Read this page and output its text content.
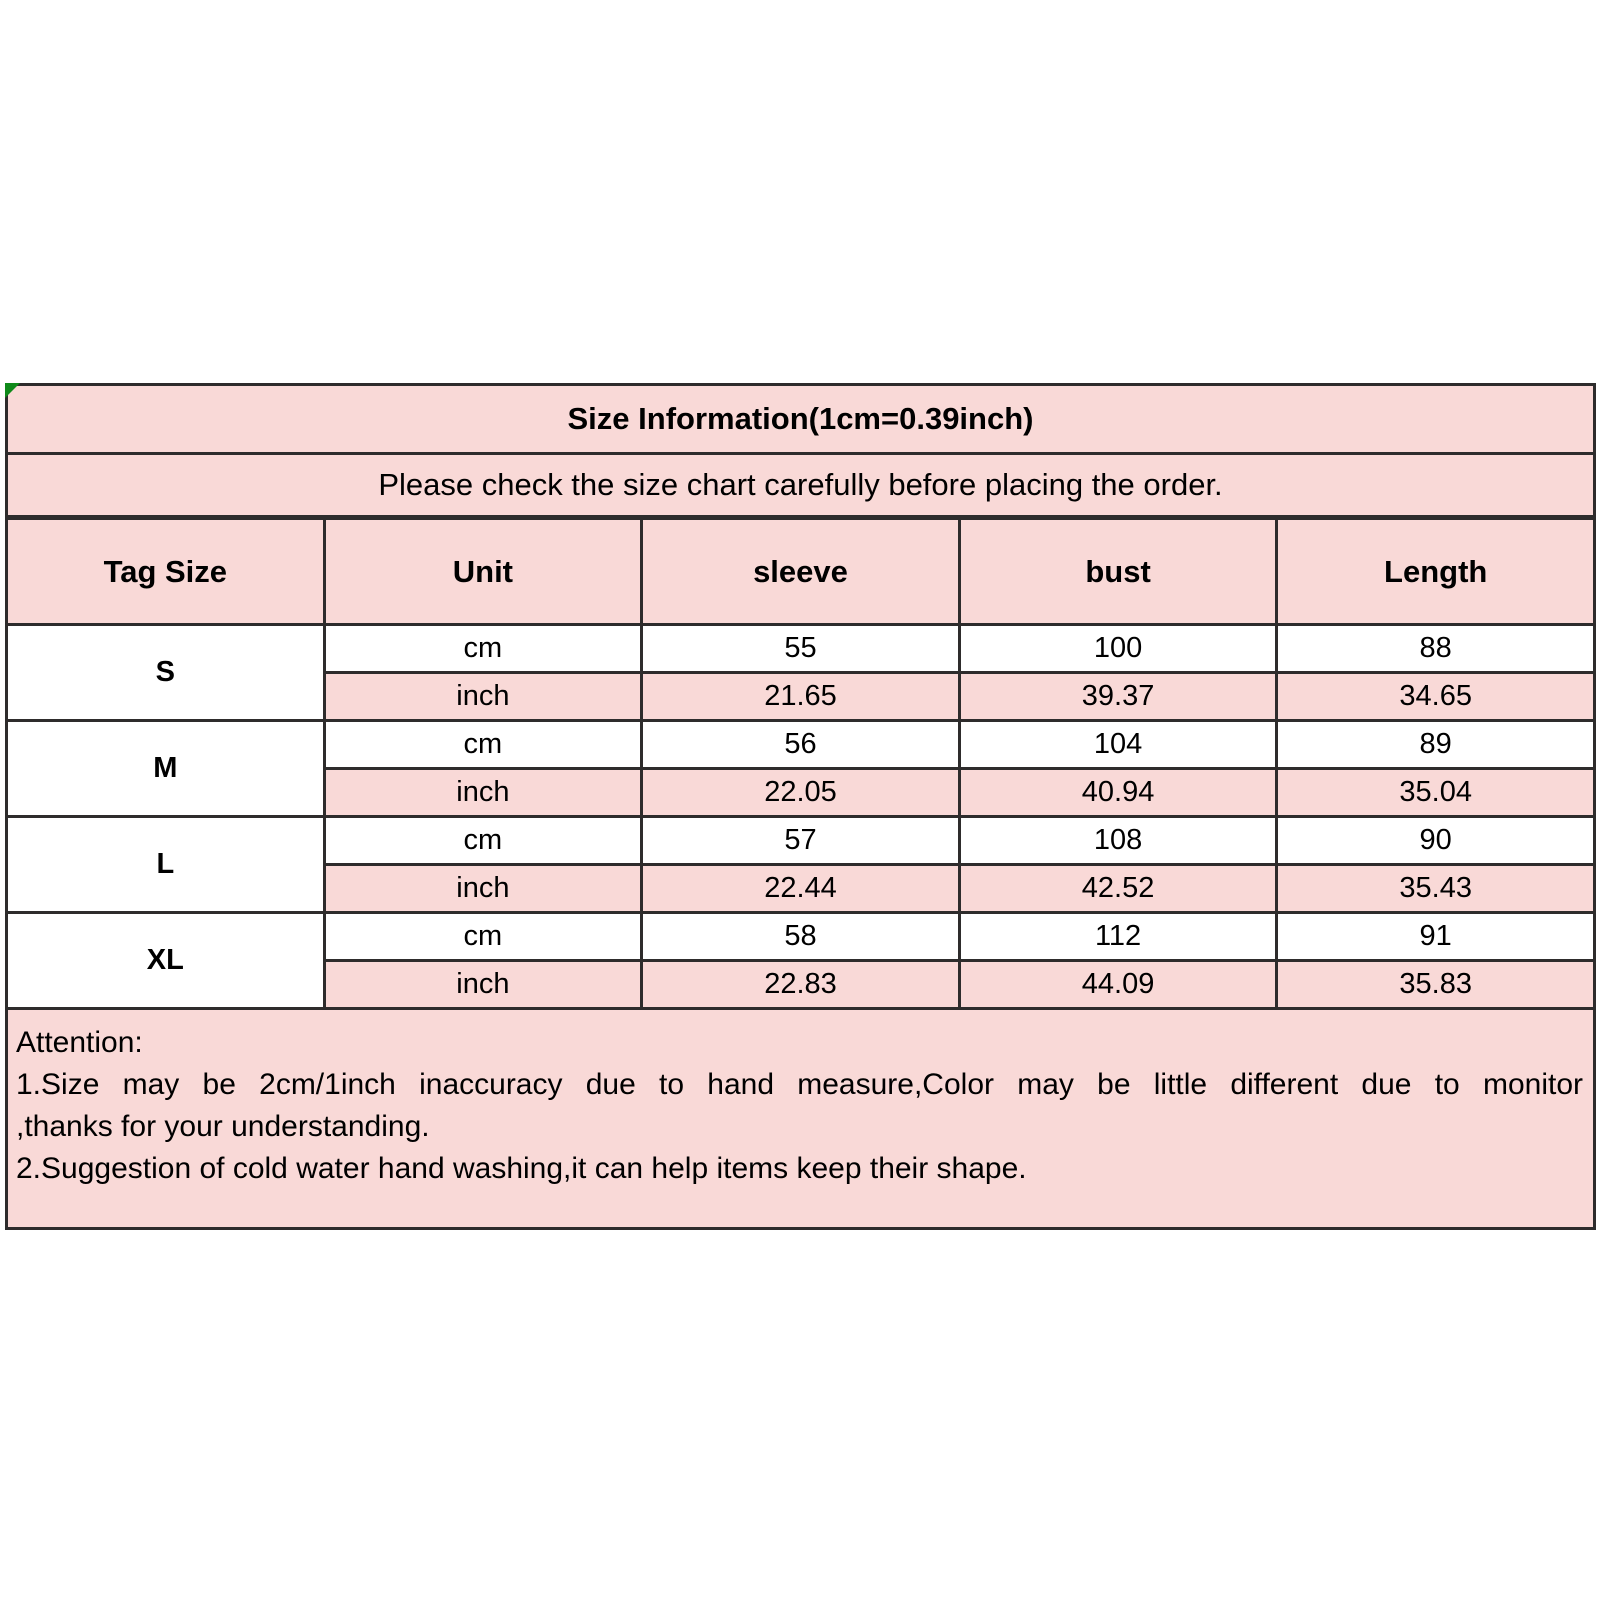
Size Information(1cm=0.39inch)				
Please check the size chart carefully before placing the order.				
Tag Size	Unit	sleeve	bust	Length
S	cm	55	100	88
	inch	21.65	39.37	34.65
M	cm	56	104	89
	inch	22.05	40.94	35.04
L	cm	57	108	90
	inch	22.44	42.52	35.43
XL	cm	58	112	91
	inch	22.83	44.09	35.83

Attention:
1.Size may be 2cm/1inch inaccuracy due to hand measure,Color may be little different due to monitor
,thanks for your understanding.
2.Suggestion of cold water hand washing,it can help items keep their shape.				
